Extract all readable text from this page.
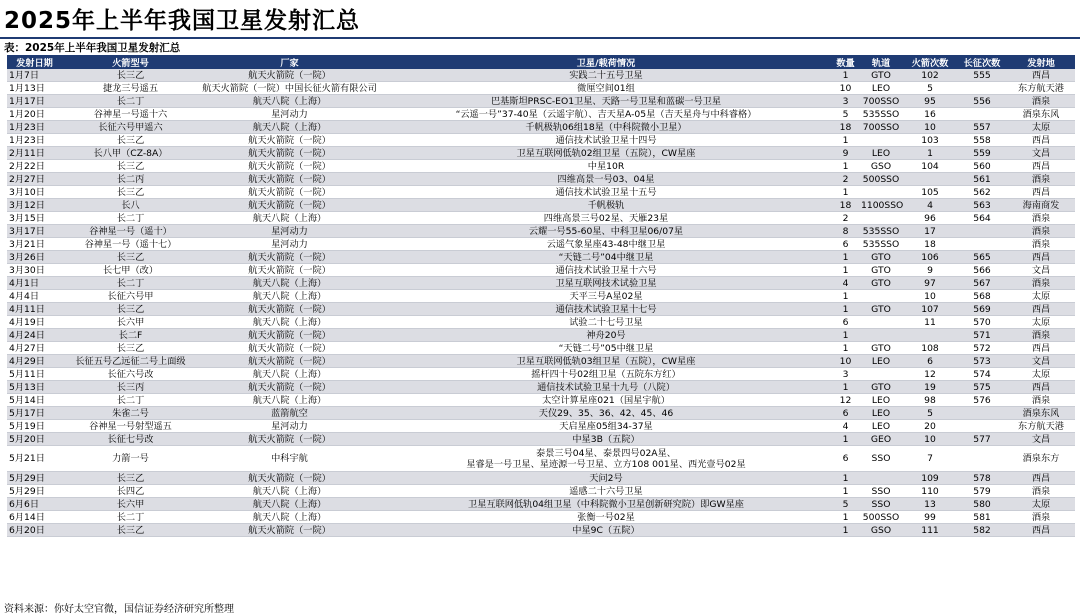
2025年上半年我国卫星发射汇总
表：2025年上半年我国卫星发射汇总
发射日期	火箭型号	厂家	卫星/载荷情况	数量	轨道	火箭次数	长征次数	发射地
1月7日	长三乙	航天火箭院（一院）	实践二十五号卫星	1	GTO	102	555	西昌
1月13日	捷龙三号遥五	航天火箭院（一院）中国长征火箭有限公司	微厘空间01组	10	LEO	5		东方航天港
1月17日	长二丁	航天八院（上海）	巴基斯坦PRSC-EO1卫星、天路一号卫星和蓝碳一号卫星	3	700SSO	95	556	酒泉
1月20日	谷神星一号遥十六	星河动力	“云遥一号”37-40星（云遥宇航）、吉天星A-05星（吉天星舟与中科睿格）	5	535SSO	16		酒泉东风
1月23日	长征六号甲遥六	航天八院（上海）	千帆极轨06组18星（中科院微小卫星）	18	700SSO	10	557	太原
1月23日	长三乙	航天火箭院（一院）	通信技术试验卫星十四号	1		103	558	西昌
2月11日	长八甲（CZ-8A）	航天火箭院（一院）	卫星互联网低轨02组卫星（五院），CW星座	9	LEO	1	559	文昌
2月22日	长三乙	航天火箭院（一院）	中星10R	1	GSO	104	560	西昌
2月27日	长二丙	航天火箭院（一院）	四维高景一号03、04星	2	500SSO		561	酒泉
3月10日	长三乙	航天火箭院（一院）	通信技术试验卫星十五号	1		105	562	西昌
3月12日	长八	航天火箭院（一院）	千帆极轨	18	1100SSO	4	563	海南商发
3月15日	长二丁	航天八院（上海）	四维高景三号02星、天雁23星	2		96	564	酒泉
3月17日	谷神星一号（遥十）	星河动力	云耀一号55-60星、中科卫星06/07星	8	535SSO	17		酒泉
3月21日	谷神星一号（遥十七）	星河动力	云遥气象星座43-48中继卫星	6	535SSO	18		酒泉
3月26日	长三乙	航天火箭院（一院）	“天链二号”04中继卫星	1	GTO	106	565	西昌
3月30日	长七甲（改）	航天火箭院（一院）	通信技术试验卫星十六号	1	GTO	9	566	文昌
4月1日	长二丁	航天八院（上海）	卫星互联网技术试验卫星	4	GTO	97	567	酒泉
4月4日	长征六号甲	航天八院（上海）	天平三号A星02星	1		10	568	太原
4月11日	长三乙	航天火箭院（一院）	通信技术试验卫星十七号	1	GTO	107	569	西昌
4月19日	长六甲	航天八院（上海）	试验二十七号卫星	6		11	570	太原
4月24日	长二F	航天火箭院（一院）	神舟20号	1			571	酒泉
4月27日	长三乙	航天火箭院（一院）	“天链二号”05中继卫星	1	GTO	108	572	西昌
4月29日	长征五号乙远征二号上面级	航天火箭院（一院）	卫星互联网低轨03组卫星（五院），CW星座	10	LEO	6	573	文昌
5月11日	长征六号改	航天八院（上海）	摇杆四十号02组卫星（五院东方红）	3		12	574	太原
5月13日	长三丙	航天火箭院（一院）	通信技术试验卫星十九号（八院）	1	GTO	19	575	西昌
5月14日	长二丁	航天八院（上海）	太空计算星座021（国星宇航）	12	LEO	98	576	酒泉
5月17日	朱雀二号	蓝箭航空	天仪29、35、36、42、45、46	6	LEO	5		酒泉东风
5月19日	谷神星一号射型遥五	星河动力	天启星座05组34-37星	4	LEO	20		东方航天港
5月20日	长征七号改	航天火箭院（一院）	中星3B（五院）	1	GEO	10	577	文昌
5月21日	力箭一号	中科宇航	泰景三号04星、泰景四号02A星、
星睿是一号卫星、星迹源一号卫星、立方108 001星、西光壹号02星	6	SSO	7		酒泉东方
5月29日	长三乙	航天火箭院（一院）	天问2号	1		109	578	西昌
5月29日	长四乙	航天八院（上海）	遥感二十六号卫星	1	SSO	110	579	酒泉
6月6日	长六甲	航天八院（上海）	卫星互联网低轨04组卫星（中科院微小卫星创新研究院）即GW星座	5	SSO	13	580	太原
6月14日	长二丁	航天八院（上海）	张衡一号02星	1	500SSO	99	581	酒泉
6月20日	长三乙	航天火箭院（一院）	中星9C（五院）	1	GSO	111	582	西昌
资料来源：你好太空官微，国信证券经济研究所整理
